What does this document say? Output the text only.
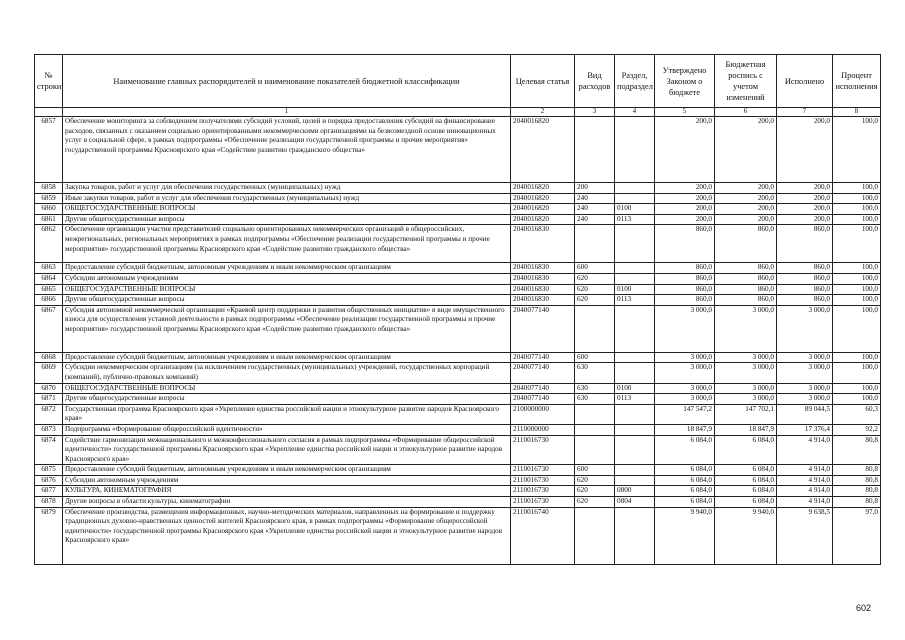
№ строки	Наименование главных распорядителей и наименование показателей бюджетной классификации	Целевая статья	Вид расходов	Раздел, подраздел	Утверждено Законом о бюджете	Бюджетная роспись с учетом изменений	Исполнено	Процент исполнения
	1	2	3	4	5	6	7	8
6857	Обеспечение мониторинга за соблюдением получателями субсидий условий, целей и порядка предоставления субсидий на финансирование расходов, связанных с оказанием социально ориентированными некоммерческими организациями на безвозмездной основе инновационных услуг в социальной сфере, в рамках подпрограммы «Обеспечение реализации государственной программы и прочие мероприятия» государственной программы Красноярского края «Содействие развитию гражданского общества»	2040016820			200,0	200,0	200,0	100,0
6858	Закупка товаров, работ и услуг для обеспечения государственных (муниципальных) нужд	2040016820	200		200,0	200,0	200,0	100,0
6859	Иные закупки товаров, работ и услуг для обеспечения государственных (муниципальных) нужд	2040016820	240		200,0	200,0	200,0	100,0
6860	ОБЩЕГОСУДАРСТВЕННЫЕ ВОПРОСЫ	2040016820	240	0100	200,0	200,0	200,0	100,0
6861	Другие общегосударственные вопросы	2040016820	240	0113	200,0	200,0	200,0	100,0
6862	Обеспечение организации участия представителей социально ориентированных некоммерческих организаций в общероссийских, межрегиональных, региональных мероприятиях в рамках подпрограммы «Обеспечение реализации государственной программы и прочие мероприятия» государственной программы Красноярского края «Содействие развитию гражданского общества»	2040016830			860,0	860,0	860,0	100,0
6863	Предоставление субсидий бюджетным, автономным учреждениям и иным некоммерческим организациям	2040016830	600		860,0	860,0	860,0	100,0
6864	Субсидии автономным учреждениям	2040016830	620		860,0	860,0	860,0	100,0
6865	ОБЩЕГОСУДАРСТВЕННЫЕ ВОПРОСЫ	2040016830	620	0100	860,0	860,0	860,0	100,0
6866	Другие общегосударственные вопросы	2040016830	620	0113	860,0	860,0	860,0	100,0
6867	Субсидия автономной некоммерческой организации «Краевой центр поддержки и развития общественных инициатив» в виде имущественного взноса для осуществления уставной деятельности в рамках подпрограммы «Обеспечение реализации государственной программы и прочие мероприятия» государственной программы Красноярского края «Содействие развитию гражданского общества»	2040077140			3 000,0	3 000,0	3 000,0	100,0
6868	Предоставление субсидий бюджетным, автономным учреждениям и иным некоммерческим организациям	2040077140	600		3 000,0	3 000,0	3 000,0	100,0
6869	Субсидии некоммерческим организациям (за исключением государственных (муниципальных) учреждений, государственных корпораций (компаний), публично-правовых компаний)	2040077140	630		3 000,0	3 000,0	3 000,0	100,0
6870	ОБЩЕГОСУДАРСТВЕННЫЕ ВОПРОСЫ	2040077140	630	0100	3 000,0	3 000,0	3 000,0	100,0
6871	Другие общегосударственные вопросы	2040077140	630	0113	3 000,0	3 000,0	3 000,0	100,0
6872	Государственная программа Красноярского края «Укрепление единства российской нации и этнокультурное развитие народов Красноярского края»	2100000000			147 547,2	147 702,1	89 044,5	60,3
6873	Подпрограмма «Формирование общероссийской идентичности»	2110000000			18 847,9	18 847,9	17 376,4	92,2
6874	Содействие гармонизации межнационального и межконфессионального согласия в рамках подпрограммы «Формирование общероссийской идентичности» государственной программы Красноярского края «Укрепление единства российской нации и этнокультурное развитие народов Красноярского края»	2110016730			6 084,0	6 084,0	4 914,0	80,8
6875	Предоставление субсидий бюджетным, автономным учреждениям и иным некоммерческим организациям	2110016730	600		6 084,0	6 084,0	4 914,0	80,8
6876	Субсидии автономным учреждениям	2110016730	620		6 084,0	6 084,0	4 914,0	80,8
6877	КУЛЬТУРА, КИНЕМАТОГРАФИЯ	2110016730	620	0800	6 084,0	6 084,0	4 914,0	80,8
6878	Другие вопросы в области культуры, кинематографии	2110016730	620	0804	6 084,0	6 084,0	4 914,0	80,8
6879	Обеспечение производства, размещения информационных, научно-методических материалов, направленных на формирование и поддержку традиционных духовно-нравственных ценностей жителей Красноярского края, в рамках подпрограммы «Формирование общероссийской идентичности» государственной программы Красноярского края «Укрепление единства российской нации и этнокультурное развитие народов Красноярского края»	2110016740			9 940,0	9 940,0	9 638,5	97,0
602
